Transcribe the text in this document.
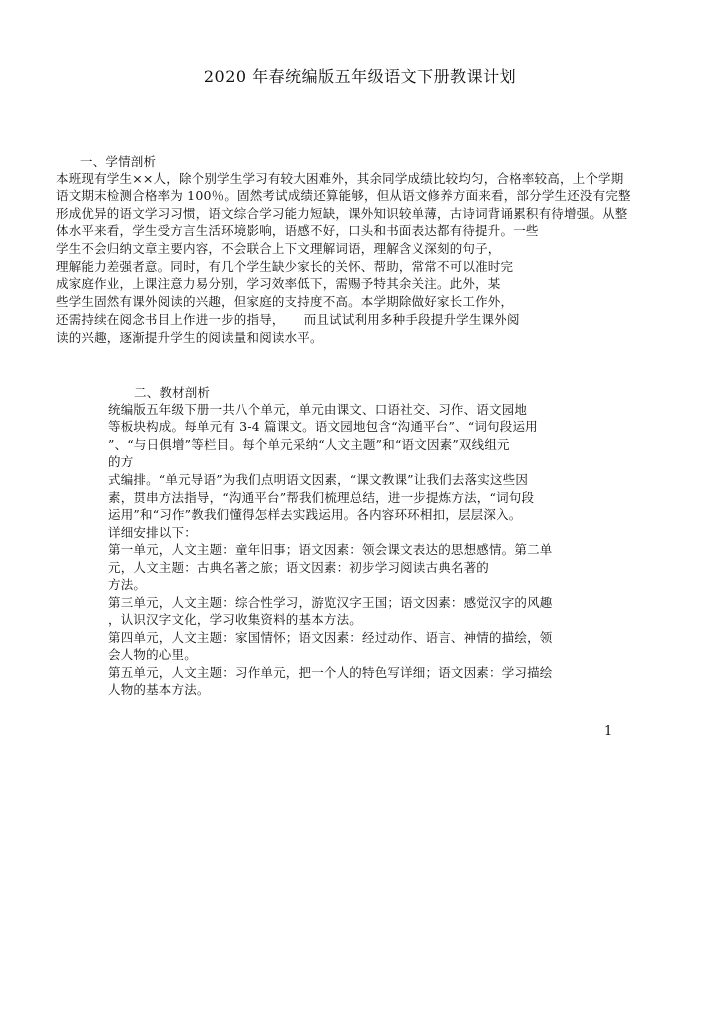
2020 年春统编版五年级语文下册教课计划
一、学情剖析
本班现有学生××人，除个别学生学习有较大困难外，其余同学成绩比较均匀，合格率较高，上个学期
语文期末检测合格率为 100％。固然考试成绩还算能够，但从语文修养方面来看，部分学生还没有完整
形成优异的语文学习习惯，语文综合学习能力短缺，课外知识较单薄，古诗词背诵累积有待增强。从整
体水平来看，学生受方言生活环境影响，语感不好，口头和书面表达都有待提升。一些
学生不会归纳文章主要内容，不会联合上下文理解词语，理解含义深刻的句子，
理解能力差强者意。同时，有几个学生缺少家长的关怀、帮助，常常不可以准时完
成家庭作业，上课注意力易分别，学习效率低下，需赐予特其余关注。此外，某
些学生固然有课外阅读的兴趣，但家庭的支持度不高。本学期除做好家长工作外，
还需持续在阅念书目上作进一步的指导，　　而且试试利用多种手段提升学生课外阅
读的兴趣，逐渐提升学生的阅读量和阅读水平。
二、教材剖析
统编版五年级下册一共八个单元，单元由课文、口语社交、习作、语文园地
等板块构成。每单元有 3-4 篇课文。语文园地包含“沟通平台”、“词句段运用
”、“与日俱增”等栏目。每个单元采纳“人文主题”和“语文因素”双线组元
的方
式编排。“单元导语”为我们点明语文因素，“课文教课”让我们去落实这些因
素，贯串方法指导，“沟通平台”帮我们梳理总结，进一步提炼方法，“词句段
运用”和“习作”教我们懂得怎样去实践运用。各内容环环相扣，层层深入。
详细安排以下：
第一单元，人文主题：童年旧事；语文因素：领会课文表达的思想感情。第二单
元，人文主题：古典名著之旅；语文因素：初步学习阅读古典名著的
方法。
第三单元，人文主题：综合性学习，游览汉字王国；语文因素：感觉汉字的风趣
，认识汉字文化，学习收集资料的基本方法。
第四单元，人文主题：家国情怀；语文因素：经过动作、语言、神情的描绘，领
会人物的心里。
第五单元，人文主题：习作单元，把一个人的特色写详细；语文因素：学习描绘
人物的基本方法。
1
